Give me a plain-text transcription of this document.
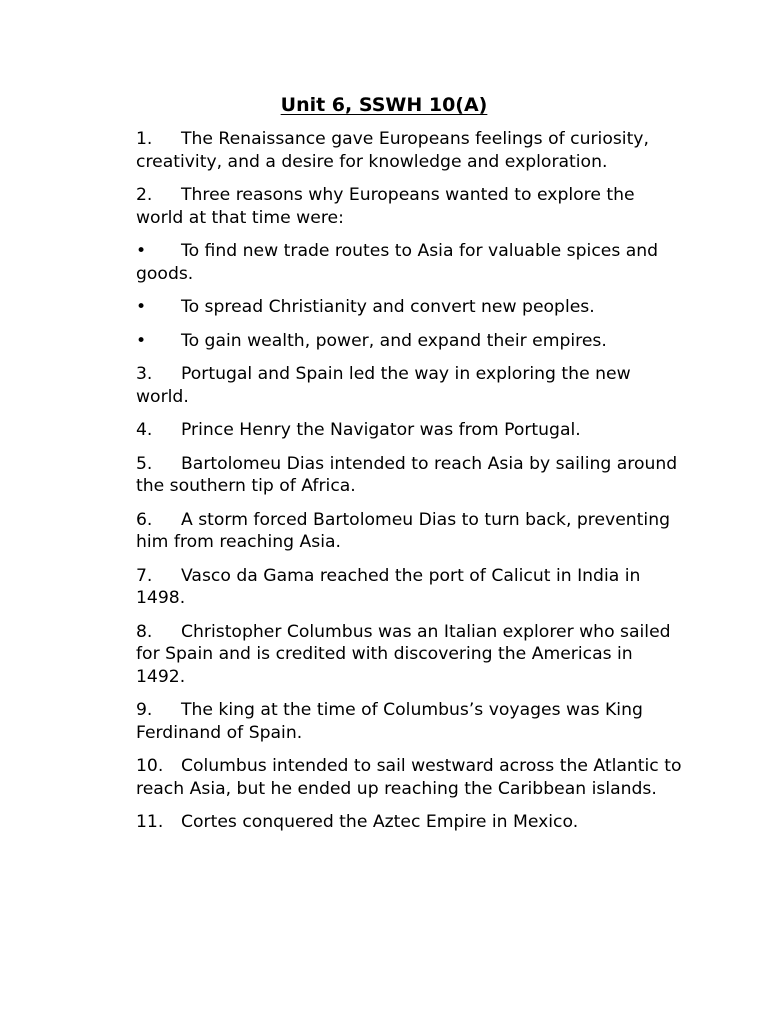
Unit 6, SSWH 10(A)

1. The Renaissance gave Europeans feelings of curiosity, creativity, and a desire for knowledge and exploration.

2. Three reasons why Europeans wanted to explore the world at that time were:

• To find new trade routes to Asia for valuable spices and goods.

• To spread Christianity and convert new peoples.

• To gain wealth, power, and expand their empires.

3. Portugal and Spain led the way in exploring the new world.

4. Prince Henry the Navigator was from Portugal.

5. Bartolomeu Dias intended to reach Asia by sailing around the southern tip of Africa.

6. A storm forced Bartolomeu Dias to turn back, preventing him from reaching Asia.

7. Vasco da Gama reached the port of Calicut in India in 1498.

8. Christopher Columbus was an Italian explorer who sailed for Spain and is credited with discovering the Americas in 1492.

9. The king at the time of Columbus’s voyages was King Ferdinand of Spain.

10. Columbus intended to sail westward across the Atlantic to reach Asia, but he ended up reaching the Caribbean islands.

11. Cortes conquered the Aztec Empire in Mexico.
